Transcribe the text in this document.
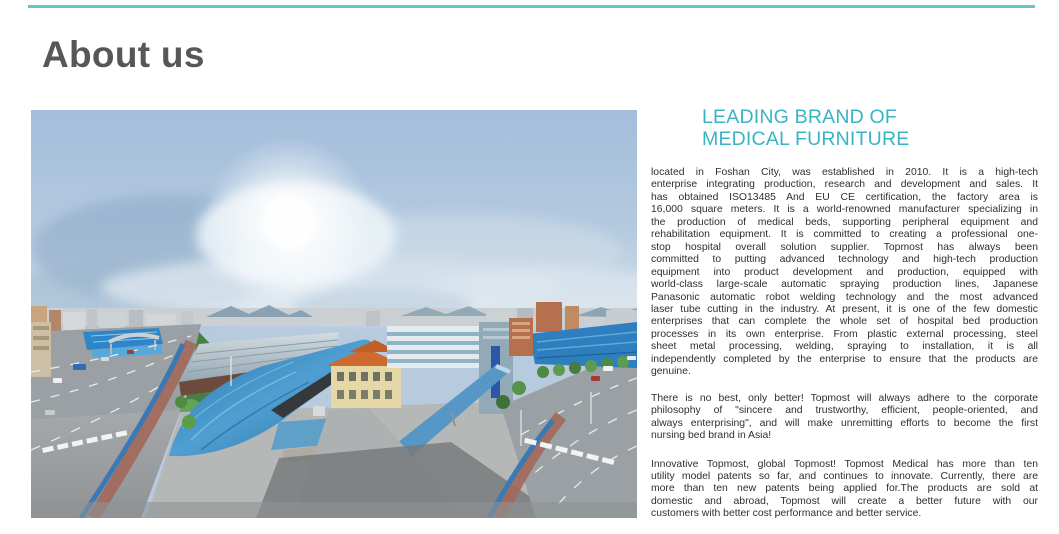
About us
LEADING BRAND OF
MEDICAL FURNITURE
located in Foshan City, was established in 2010. It is a high-tech
enterprise integrating production, research and development and sales. It
has obtained ISO13485 And EU CE certification, the factory area is
16,000 square meters. It is a world-renowned manufacturer specializing in
the production of medical beds, supporting peripheral equipment and
rehabilitation equipment. It is committed to creating a professional one-
stop hospital overall solution supplier. Topmost has always been
committed to putting advanced technology and high-tech production
equipment into product development and production, equipped with
world-class large-scale automatic spraying production lines, Japanese
Panasonic automatic robot welding technology and the most advanced
laser tube cutting in the industry. At present, it is one of the few domestic
enterprises that can complete the whole set of hospital bed production
processes in its own enterprise. From plastic external processing, steel
sheet metal processing, welding, spraying to installation, it is all
independently completed by the enterprise to ensure that the products are
genuine.
There is no best, only better! Topmost will always adhere to the corporate
philosophy of "sincere and trustworthy, efficient, people-oriented, and
always enterprising", and will make unremitting efforts to become the first
nursing bed brand in Asia!
Innovative Topmost, global Topmost! Topmost Medical has more than ten
utility model patents so far, and continues to innovate. Currently, there are
more than ten new patents being applied for.The products are sold at
domestic and abroad, Topmost will create a better future with our
customers with better cost performance and better service.
